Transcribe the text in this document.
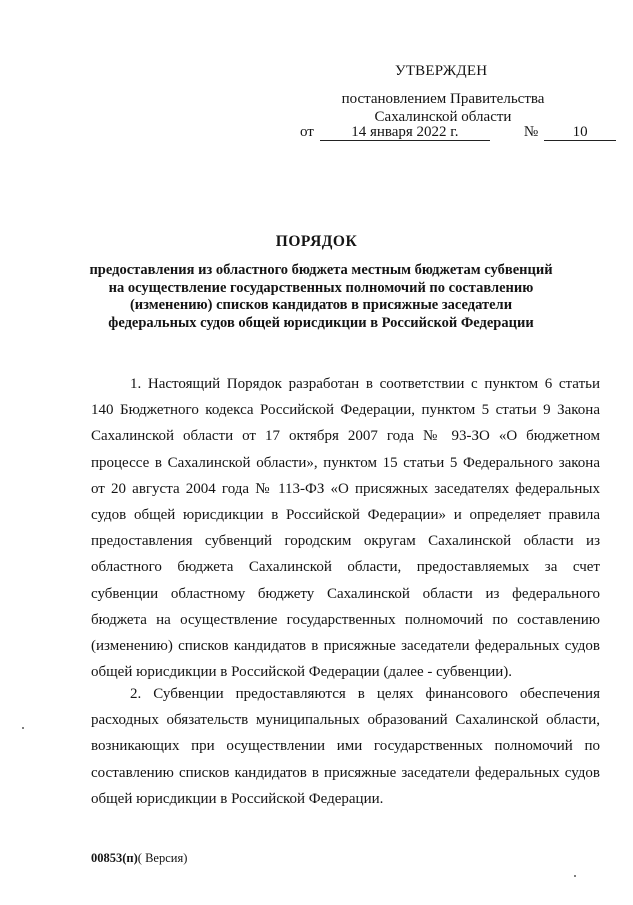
УТВЕРЖДЕН
постановлением Правительства
Сахалинской области
от 14 января 2022 г.	№ 10
ПОРЯДОК
предоставления из областного бюджета местным бюджетам субвенций на осуществление государственных полномочий по составлению (изменению) списков кандидатов в присяжные заседатели федеральных судов общей юрисдикции в Российской Федерации

1. Настоящий Порядок разработан в соответствии с пунктом 6 статьи 140 Бюджетного кодекса Российской Федерации, пунктом 5 статьи 9 Закона Сахалинской области от 17 октября 2007 года № 93-ЗО «О бюджетном процессе в Сахалинской области», пунктом 15 статьи 5 Федерального закона от 20 августа 2004 года № 113-ФЗ «О присяжных заседателях федеральных судов общей юрисдикции в Российской Федерации» и определяет правила предоставления субвенций городским округам Сахалинской области из областного бюджета Сахалинской области, предоставляемых за счет субвенции областному бюджету Сахалинской области из федерального бюджета на осуществление государственных полномочий по составлению (изменению) списков кандидатов в присяжные заседатели федеральных судов общей юрисдикции в Российской Федерации (далее - субвенции).

2. Субвенции предоставляются в целях финансового обеспечения расходных обязательств муниципальных образований Сахалинской области, возникающих при осуществлении ими государственных полномочий по составлению списков кандидатов в присяжные заседатели федеральных судов общей юрисдикции в Российской Федерации.

00853(п)( Версия)
